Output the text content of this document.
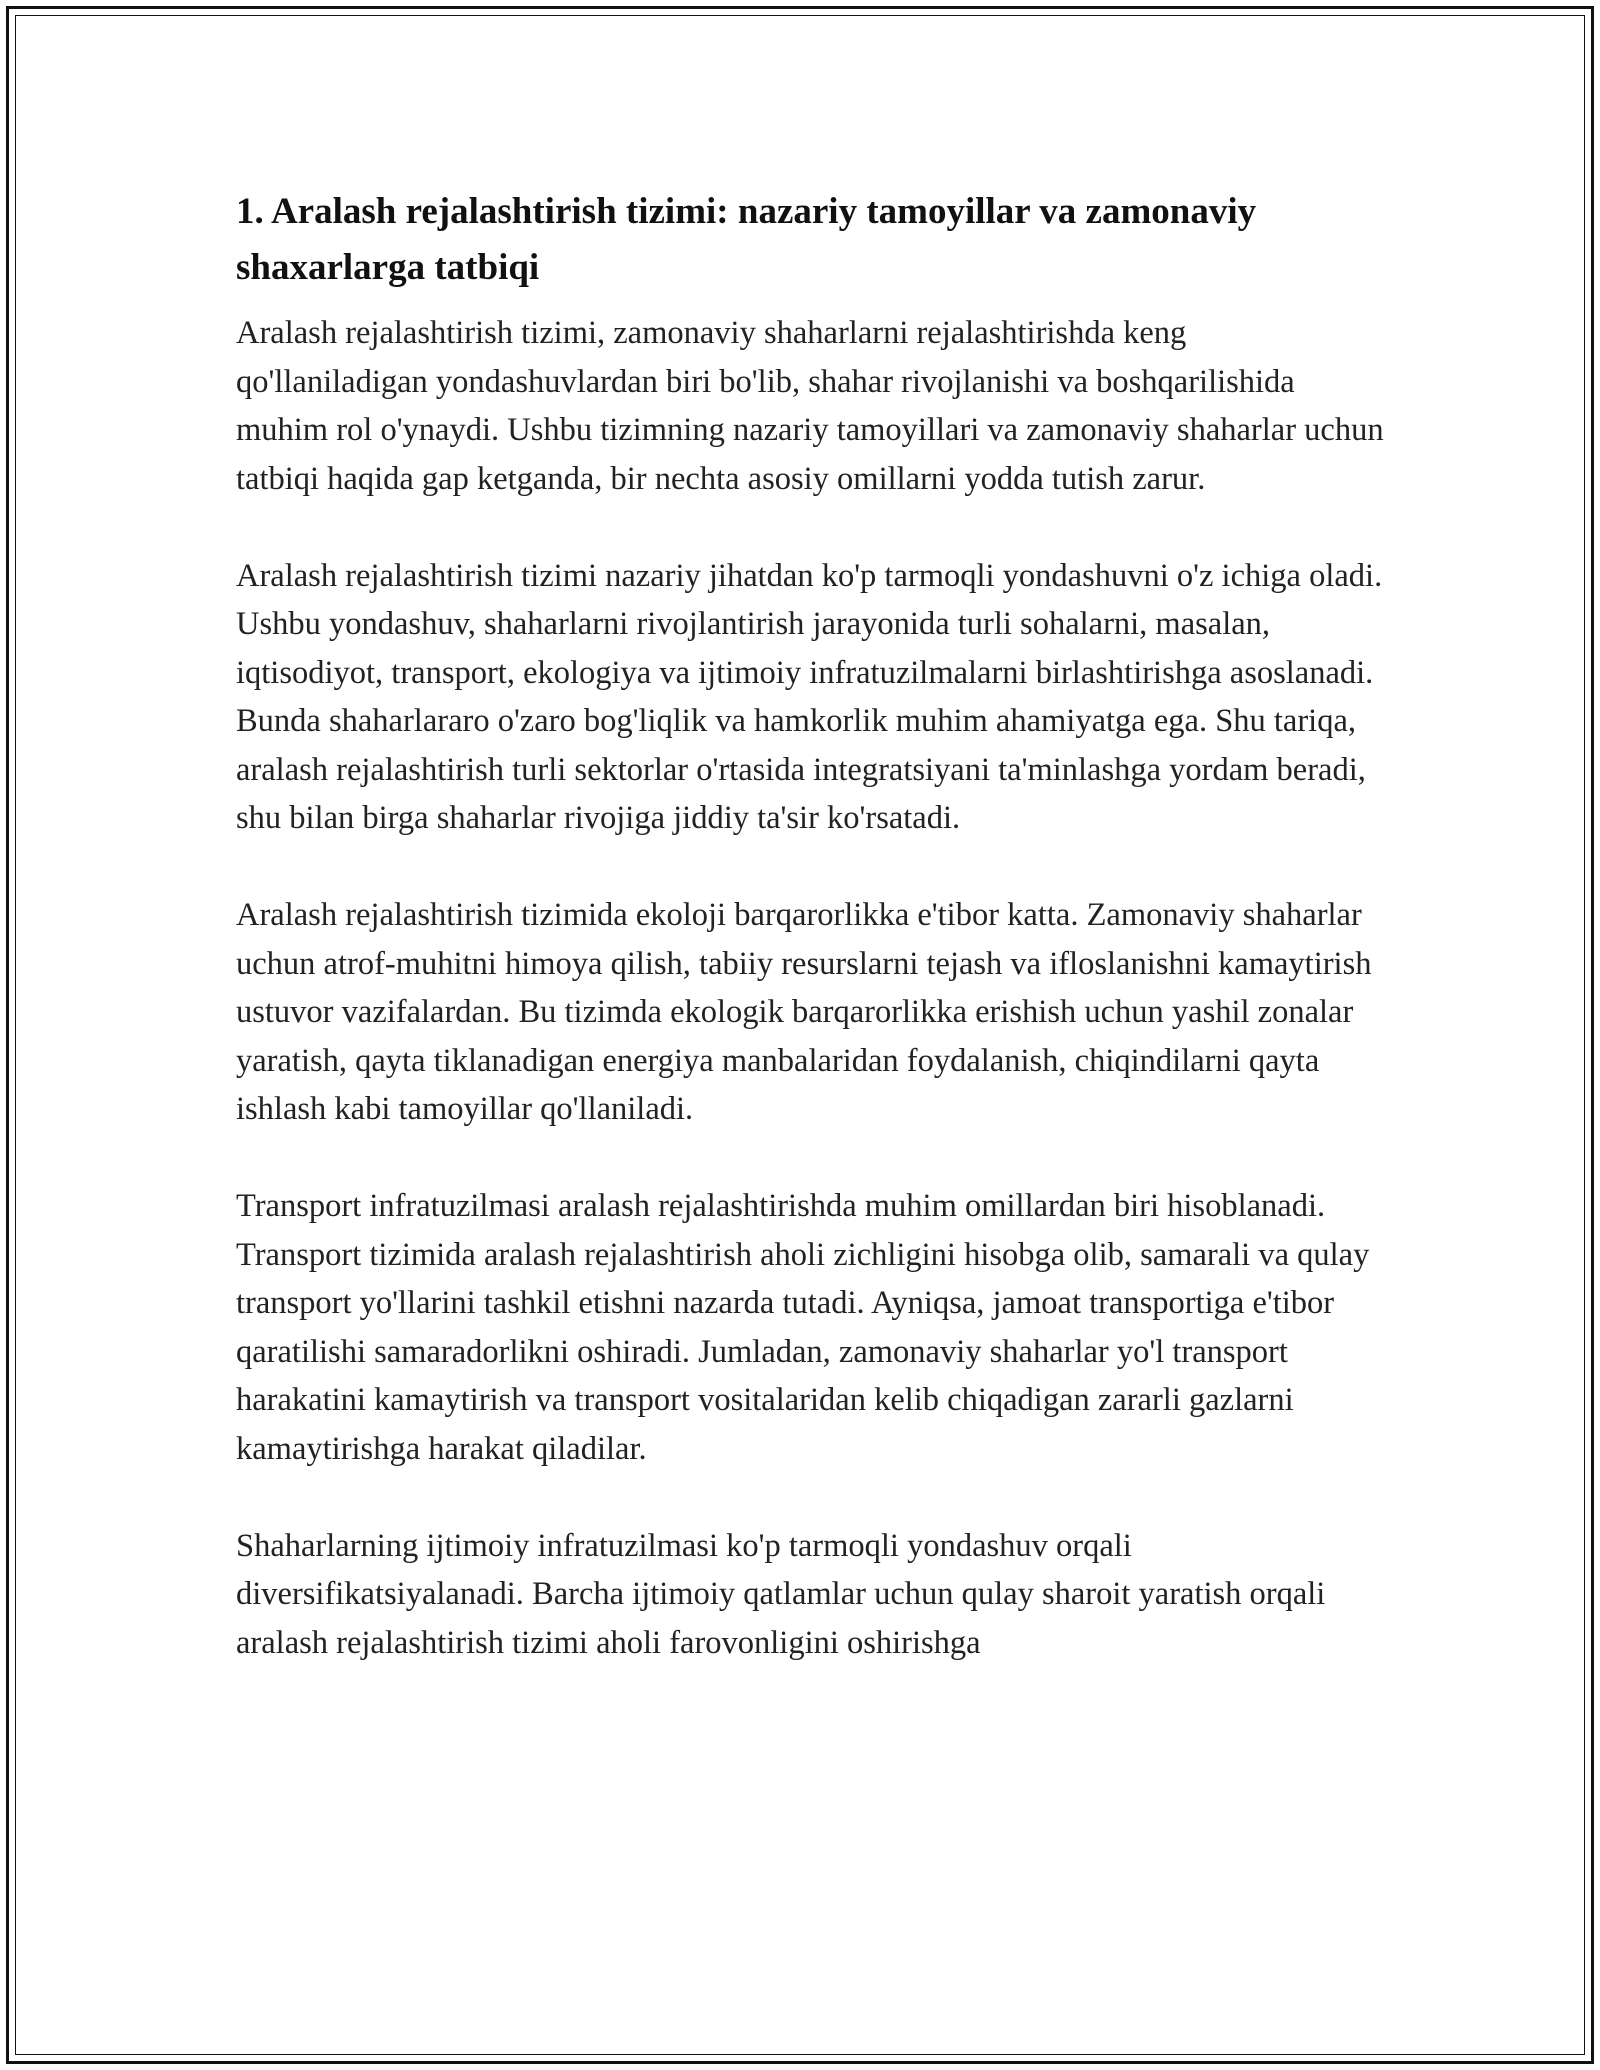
1. Aralash rejalashtirish tizimi: nazariy tamoyillar va zamonaviy shaxarlarga tatbiqi

Aralash rejalashtirish tizimi, zamonaviy shaharlarni rejalashtirishda keng qo'llaniladigan yondashuvlardan biri bo'lib, shahar rivojlanishi va boshqarilishida muhim rol o'ynaydi. Ushbu tizimning nazariy tamoyillari va zamonaviy shaharlar uchun tatbiqi haqida gap ketganda, bir nechta asosiy omillarni yodda tutish zarur.

Aralash rejalashtirish tizimi nazariy jihatdan ko'p tarmoqli yondashuvni o'z ichiga oladi. Ushbu yondashuv, shaharlarni rivojlantirish jarayonida turli sohalarni, masalan, iqtisodiyot, transport, ekologiya va ijtimoiy infratuzilmalarni birlashtirishga asoslanadi. Bunda shaharlararo o'zaro bog'liqlik va hamkorlik muhim ahamiyatga ega. Shu tariqa, aralash rejalashtirish turli sektorlar o'rtasida integratsiyani ta'minlashga yordam beradi, shu bilan birga shaharlar rivojiga jiddiy ta'sir ko'rsatadi.

Aralash rejalashtirish tizimida ekoloji barqarorlikka e'tibor katta. Zamonaviy shaharlar uchun atrof-muhitni himoya qilish, tabiiy resurslarni tejash va ifloslanishni kamaytirish ustuvor vazifalardan. Bu tizimda ekologik barqarorlikka erishish uchun yashil zonalar yaratish, qayta tiklanadigan energiya manbalaridan foydalanish, chiqindilarni qayta ishlash kabi tamoyillar qo'llaniladi.

Transport infratuzilmasi aralash rejalashtirishda muhim omillardan biri hisoblanadi. Transport tizimida aralash rejalashtirish aholi zichligini hisobga olib, samarali va qulay transport yo'llarini tashkil etishni nazarda tutadi. Ayniqsa, jamoat transportiga e'tibor qaratilishi samaradorlikni oshiradi. Jumladan, zamonaviy shaharlar yo'l transport harakatini kamaytirish va transport vositalaridan kelib chiqadigan zararli gazlarni kamaytirishga harakat qiladilar.

Shaharlarning ijtimoiy infratuzilmasi ko'p tarmoqli yondashuv orqali diversifikatsiyalanadi. Barcha ijtimoiy qatlamlar uchun qulay sharoit yaratish orqali aralash rejalashtirish tizimi aholi farovonligini oshirishga
